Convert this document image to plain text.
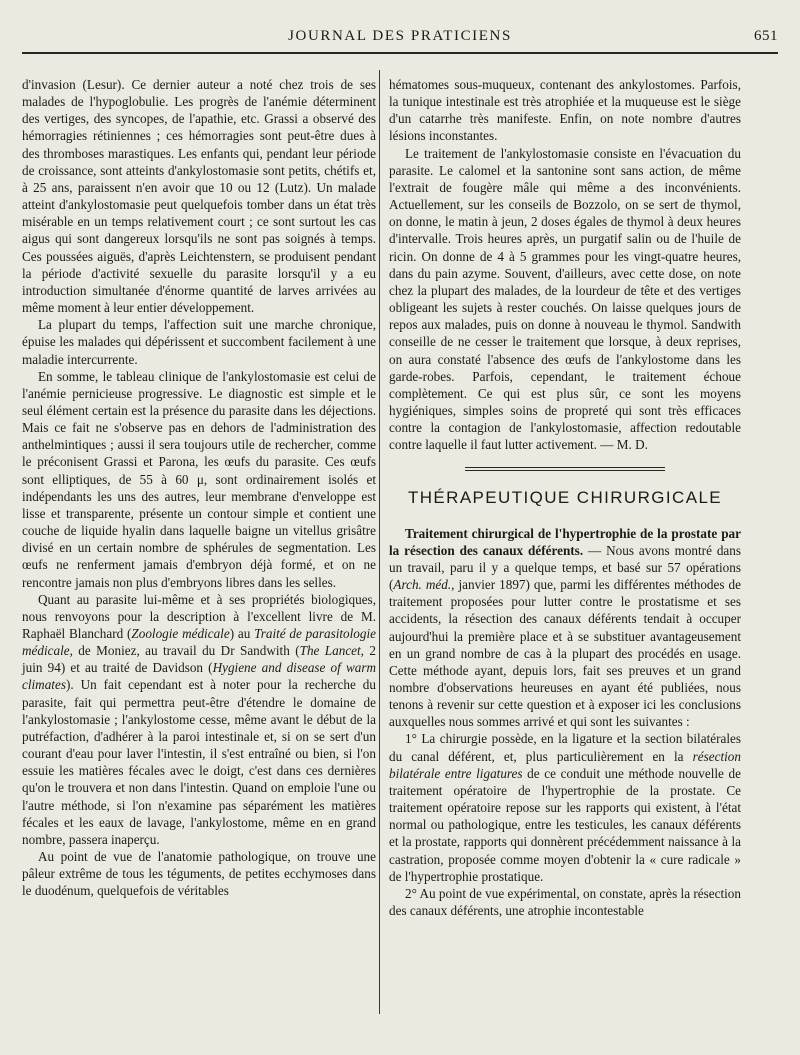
JOURNAL DES PRATICIENS	651

d'invasion (Lesur). Ce dernier auteur a noté chez trois de ses malades de l'hypoglobulie. Les progrès de l'anémie déterminent des vertiges, des syncopes, de l'apathie, etc. Grassi a observé des hémorragies rétiniennes ; ces hémorragies sont peut-être dues à des thromboses marastiques. Les enfants qui, pendant leur période de croissance, sont atteints d'ankylostomasie sont petits, chétifs et, à 25 ans, paraissent n'en avoir que 10 ou 12 (Lutz). Un malade atteint d'ankylostomasie peut quelquefois tomber dans un état très misérable en un temps relativement court ; ce sont surtout les cas aigus qui sont dangereux lorsqu'ils ne sont pas soignés à temps. Ces poussées aiguës, d'après Leichtenstern, se produisent pendant la période d'activité sexuelle du parasite lorsqu'il y a eu introduction simultanée d'énorme quantité de larves arrivées au même moment à leur entier développement.

La plupart du temps, l'affection suit une marche chronique, épuise les malades qui dépérissent et succombent facilement à une maladie intercurrente.

En somme, le tableau clinique de l'ankylostomasie est celui de l'anémie pernicieuse progressive. Le diagnostic est simple et le seul élément certain est la présence du parasite dans les déjections. Mais ce fait ne s'observe pas en dehors de l'administration des anthelmintiques ; aussi il sera toujours utile de rechercher, comme le préconisent Grassi et Parona, les œufs du parasite. Ces œufs sont elliptiques, de 55 à 60 μ, sont ordinairement isolés et indépendants les uns des autres, leur membrane d'enveloppe est lisse et transparente, présente un contour simple et contient une couche de liquide hyalin dans laquelle baigne un vitellus grisâtre divisé en un certain nombre de sphérules de segmentation. Les œufs ne renferment jamais d'embryon déjà formé, et on ne rencontre jamais non plus d'embryons libres dans les selles.

Quant au parasite lui-même et à ses propriétés biologiques, nous renvoyons pour la description à l'excellent livre de M. Raphaël Blanchard (Zoologie médicale) au Traité de parasitologie médicale, de Moniez, au travail du Dr Sandwith (The Lancet, 2 juin 94) et au traité de Davidson (Hygiene and disease of warm climates). Un fait cependant est à noter pour la recherche du parasite, fait qui permettra peut-être d'étendre le domaine de l'ankylostomasie ; l'ankylostome cesse, même avant le début de la putréfaction, d'adhérer à la paroi intestinale et, si on se sert d'un courant d'eau pour laver l'intestin, il s'est entraîné ou bien, si l'on essuie les matières fécales avec le doigt, c'est dans ces dernières qu'on le trouvera et non dans l'intestin. Quand on emploie l'une ou l'autre méthode, si l'on n'examine pas séparément les matières fécales et les eaux de lavage, l'ankylostome, même en en grand nombre, passera inaperçu.

Au point de vue de l'anatomie pathologique, on trouve une pâleur extrême de tous les téguments, de petites ecchymoses dans le duodénum, quelquefois de véritables

hématomes sous-muqueux, contenant des ankylostomes. Parfois, la tunique intestinale est très atrophiée et la muqueuse est le siège d'un catarrhe très manifeste. Enfin, on note nombre d'autres lésions inconstantes.

Le traitement de l'ankylostomasie consiste en l'évacuation du parasite. Le calomel et la santonine sont sans action, de même l'extrait de fougère mâle qui même a des inconvénients. Actuellement, sur les conseils de Bozzolo, on se sert de thymol, on donne, le matin à jeun, 2 doses égales de thymol à deux heures d'intervalle. Trois heures après, un purgatif salin ou de l'huile de ricin. On donne de 4 à 5 grammes pour les vingt-quatre heures, dans du pain azyme. Souvent, d'ailleurs, avec cette dose, on note chez la plupart des malades, de la lourdeur de tête et des vertiges obligeant les sujets à rester couchés. On laisse quelques jours de repos aux malades, puis on donne à nouveau le thymol. Sandwith conseille de ne cesser le traitement que lorsque, à deux reprises, on aura constaté l'absence des œufs de l'ankylostome dans les garde-robes. Parfois, cependant, le traitement échoue complètement. Ce qui est plus sûr, ce sont les moyens hygiéniques, simples soins de propreté qui sont très efficaces contre la contagion de l'ankylostomasie, affection redoutable contre laquelle il faut lutter activement. — M. D.

THÉRAPEUTIQUE CHIRURGICALE

Traitement chirurgical de l'hypertrophie de la prostate par la résection des canaux déférents. — Nous avons montré dans un travail, paru il y a quelque temps, et basé sur 57 opérations (Arch. méd., janvier 1897) que, parmi les différentes méthodes de traitement proposées pour lutter contre le prostatisme et ses accidents, la résection des canaux déférents tendait à occuper aujourd'hui la première place et à se substituer avantageusement en un grand nombre de cas à la plupart des procédés en usage. Cette méthode ayant, depuis lors, fait ses preuves et un grand nombre d'observations heureuses en ayant été publiées, nous tenons à revenir sur cette question et à exposer ici les conclusions auxquelles nous sommes arrivé et qui sont les suivantes :

1° La chirurgie possède, en la ligature et la section bilatérales du canal déférent, et, plus particulièrement en la résection bilatérale entre ligatures de ce conduit une méthode nouvelle de traitement opératoire de l'hypertrophie de la prostate. Ce traitement opératoire repose sur les rapports qui existent, à l'état normal ou pathologique, entre les testicules, les canaux déférents et la prostate, rapports qui donnèrent précédemment naissance à la castration, proposée comme moyen d'obtenir la « cure radicale » de l'hypertrophie prostatique.

2° Au point de vue expérimental, on constate, après la résection des canaux déférents, une atrophie incontestable
